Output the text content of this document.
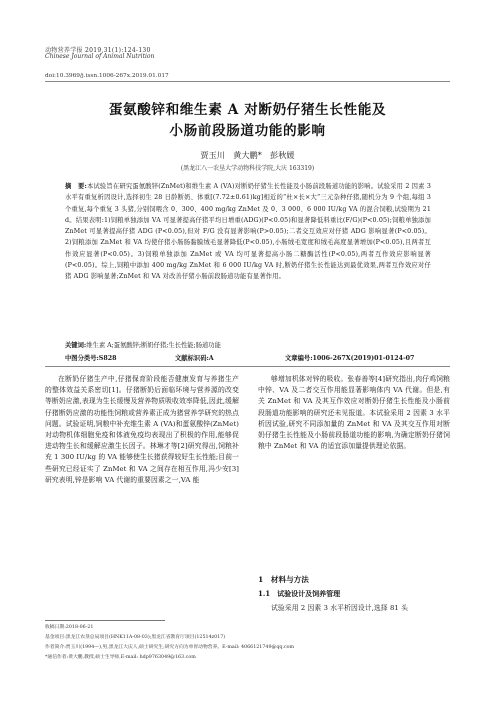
动物营养学报 2019,31(1):124-130
Chinese Journal of Animal Nutrition
doi:10.3969/j.issn.1006-267x.2019.01.017
蛋氨酸锌和维生素 A 对断奶仔猪生长性能及
小肠前段肠道功能的影响
贾玉川　黄大鹏*　彭秋媛
(黑龙江八一农垦大学动物科技学院,大庆 163319)
摘　要:本试验旨在研究蛋氨酸锌(ZnMet)和维生素 A (VA)对断奶仔猪生长性能及小肠前段肠道功能的影响。试验采用 2 因素 3 水平有重复析因设计,选择初生 28 日龄断奶、体重[(7.72±0.61)kg]相近的“杜×长×大”三元杂种仔猪,随机分为 9 个组,每组 3 个重复,每个重复 3 头猪,分别饲喂含 0、300、400 mg/kg ZnMet 及 0、3 000、6 000 IU/kg VA 的混合饲粮,试验期为 21 d。结果表明:1)饲粮单独添加 VA 可显著提高仔猪平均日增重(ADG)(P<0.05)和显著降低料重比(F/G)(P<0.05);饲粮单独添加 ZnMet 可显著提高仔猪 ADG (P<0.05),但对 F/G 没有显著影响(P>0.05);二者交互效应对仔猪 ADG 影响显著(P<0.05)。2)饲粮添加 ZnMet 和 VA 均使仔猪小肠肠黏膜绒毛显著降低(P<0.05),小肠绒毛宽度和绒毛高度显著增加(P<0.05),且两者互作效应显著(P<0.05)。3)饲粮单独添加 ZnMet 或 VA 均可显著提高小肠二糖酶活性(P<0.05),两者互作效应影响显著(P<0.05)。综上,饲粮中添加 400 mg/kg ZnMet 和 6 000 IU/kg VA 时,断奶仔猪生长性能达到最优效果,两者互作效应对仔猪 ADG 影响显著;ZnMet 和 VA 对改善仔猪小肠前段肠道功能有显著作用。
关键词:维生素 A;蛋氨酸锌;断奶仔猪;生长性能;肠道功能
中图分类号:S828	文献标识码:A	文章编号:1006-267X(2019)01-0124-07
在断奶仔猪生产中,仔猪保育阶段能否健康发育与养猪生产的整体效益关系密切[1]。仔猪断奶后面临环境与营养源的改变等断奶应激,表现为生长缓慢及营养物质吸收效率降低,因此,缓解仔猪断奶应激的功能性饲粮或营养素正成为猪营养学研究的热点问题。试验证明,饲粮中补充维生素 A (VA)和蛋氨酸锌(ZnMet)对动物机体细胞免疫和体液免疫均表现出了积极的作用,能够促进动物生长和缓解应激生长因子。林琳才等[2]研究得出,饲粮补充 1 300 IU/kg 的 VA 能够使生长猪获得较好生长性能;目前一些研究已经证实了 ZnMet 和 VA 之间存在相互作用,冯少安[3]研究表明,锌是影响 VA 代谢的重要因素之一,VA 能
够增加机体对锌的吸收。张春善等[4]研究指出,肉仔鸡饲粮中锌、VA 及二者交互作用能显著影响体内 VA 代谢。但是,有关 ZnMet 和 VA 及其互作效应对断奶仔猪生长性能及小肠前段肠道功能影响的研究还未见报道。本试验采用 2 因素 3 水平析因试验,研究不同添加量的 ZnMet 和 VA 及其交互作用对断奶仔猪生长性能及小肠前段肠道功能的影响,为确定断奶仔猪饲粮中 ZnMet 和 VA 的适宜添加量提供理论依据。
1　材料与方法
1.1　试验设计及饲养管理
试验采用 2 因素 3 水平析因设计,选择 81 头
收稿日期:2018-06-21
基金项目:黑龙江农垦总局项目(HNK11A-08-03);黑龙江省教育厅项目(12514z017)
作者简介:贾玉川(1994—),男,黑龙江大庆人,硕士研究生,研究方向为单胃动物营养。E-mail: 4066121749@qq.com
*通信作者:黄大鹏,教授,硕士生导师,E-mail: hdp9763049@163.com
